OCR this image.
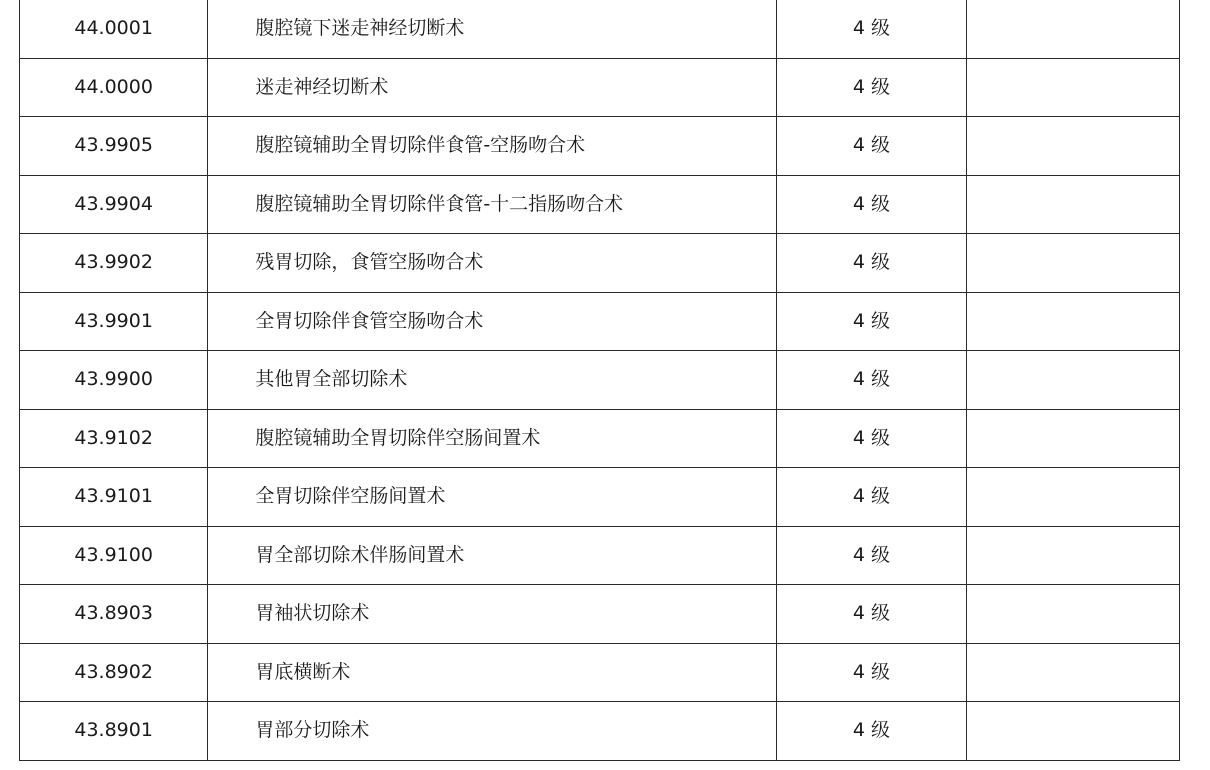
44.0001	腹腔镜下迷走神经切断术	4 级	
44.0000	迷走神经切断术	4 级	
43.9905	腹腔镜辅助全胃切除伴食管-空肠吻合术	4 级	
43.9904	腹腔镜辅助全胃切除伴食管-十二指肠吻合术	4 级	
43.9902	残胃切除，食管空肠吻合术	4 级	
43.9901	全胃切除伴食管空肠吻合术	4 级	
43.9900	其他胃全部切除术	4 级	
43.9102	腹腔镜辅助全胃切除伴空肠间置术	4 级	
43.9101	全胃切除伴空肠间置术	4 级	
43.9100	胃全部切除术伴肠间置术	4 级	
43.8903	胃袖状切除术	4 级	
43.8902	胃底横断术	4 级	
43.8901	胃部分切除术	4 级	
